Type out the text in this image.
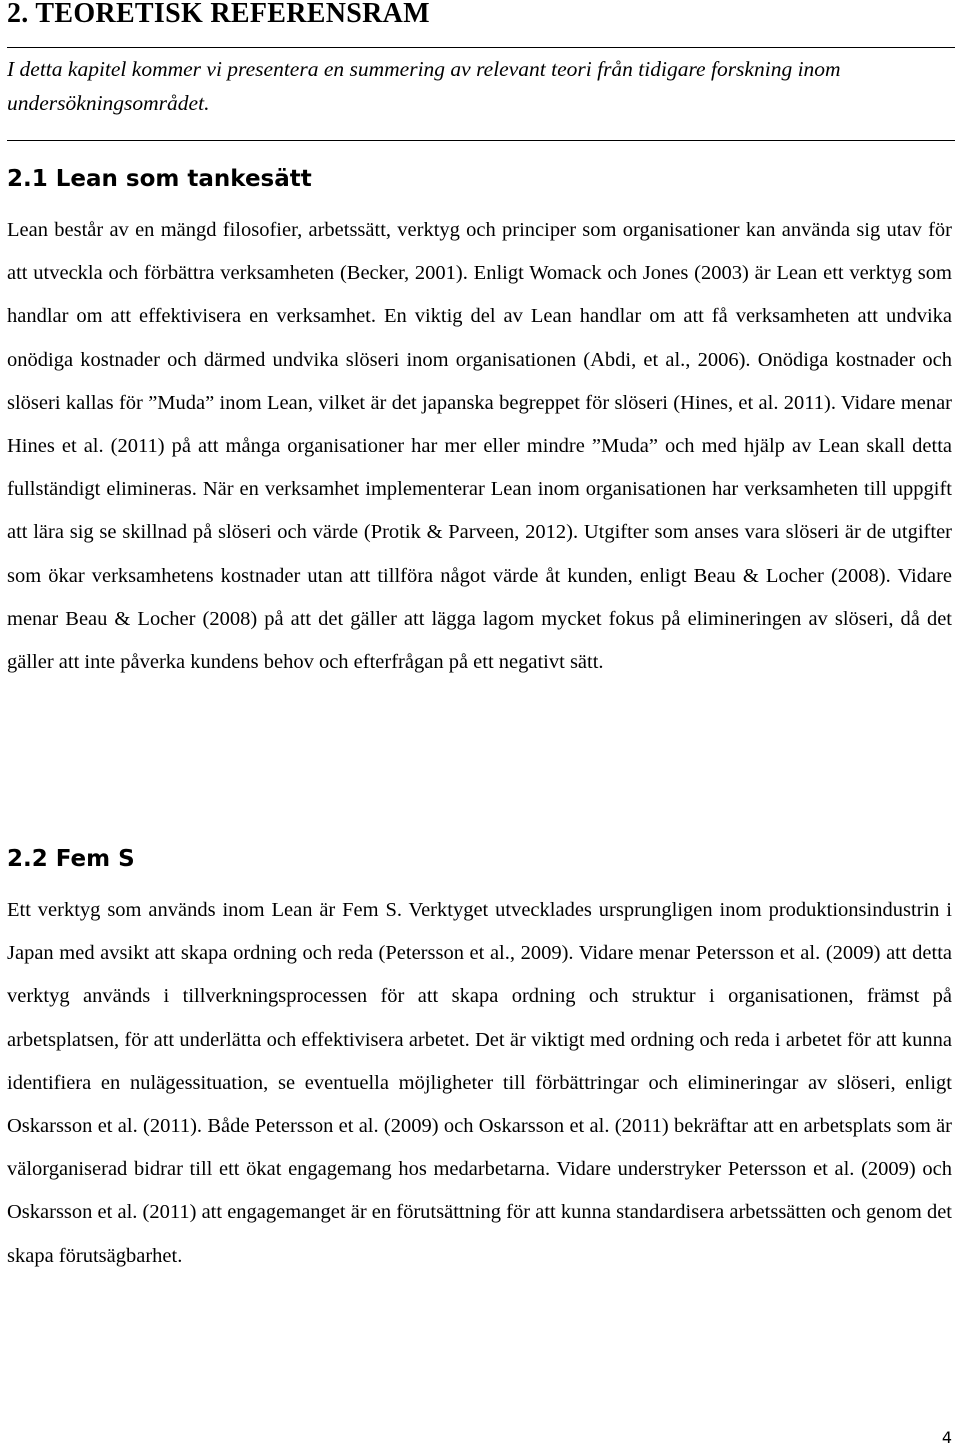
2. TEORETISK REFERENSRAM
I detta kapitel kommer vi presentera en summering av relevant teori från tidigare forskning inom undersökningsområdet.
2.1 Lean som tankesätt
Lean består av en mängd filosofier, arbetssätt, verktyg och principer som organisationer kan använda sig utav för att utveckla och förbättra verksamheten (Becker, 2001). Enligt Womack och Jones (2003) är Lean ett verktyg som handlar om att effektivisera en verksamhet. En viktig del av Lean handlar om att få verksamheten att undvika onödiga kostnader och därmed undvika slöseri inom organisationen (Abdi, et al., 2006). Onödiga kostnader och slöseri kallas för ”Muda” inom Lean, vilket är det japanska begreppet för slöseri (Hines, et al. 2011). Vidare menar Hines et al. (2011) på att många organisationer har mer eller mindre ”Muda” och med hjälp av Lean skall detta fullständigt elimineras. När en verksamhet implementerar Lean inom organisationen har verksamheten till uppgift att lära sig se skillnad på slöseri och värde (Protik & Parveen, 2012). Utgifter som anses vara slöseri är de utgifter som ökar verksamhetens kostnader utan att tillföra något värde åt kunden, enligt Beau & Locher (2008). Vidare menar Beau & Locher (2008) på att det gäller att lägga lagom mycket fokus på elimineringen av slöseri, då det gäller att inte påverka kundens behov och efterfrågan på ett negativt sätt.
2.2 Fem S
Ett verktyg som används inom Lean är Fem S. Verktyget utvecklades ursprungligen inom produktionsindustrin i Japan med avsikt att skapa ordning och reda (Petersson et al., 2009). Vidare menar Petersson et al. (2009) att detta verktyg används i tillverkningsprocessen för att skapa ordning och struktur i organisationen, främst på arbetsplatsen, för att underlätta och effektivisera arbetet. Det är viktigt med ordning och reda i arbetet för att kunna identifiera en nulägessituation, se eventuella möjligheter till förbättringar och elimineringar av slöseri, enligt Oskarsson et al. (2011). Både Petersson et al. (2009) och Oskarsson et al. (2011) bekräftar att en arbetsplats som är välorganiserad bidrar till ett ökat engagemang hos medarbetarna. Vidare understryker Petersson et al. (2009) och Oskarsson et al. (2011) att engagemanget är en förutsättning för att kunna standardisera arbetssätten och genom det skapa förutsägbarhet.
4
